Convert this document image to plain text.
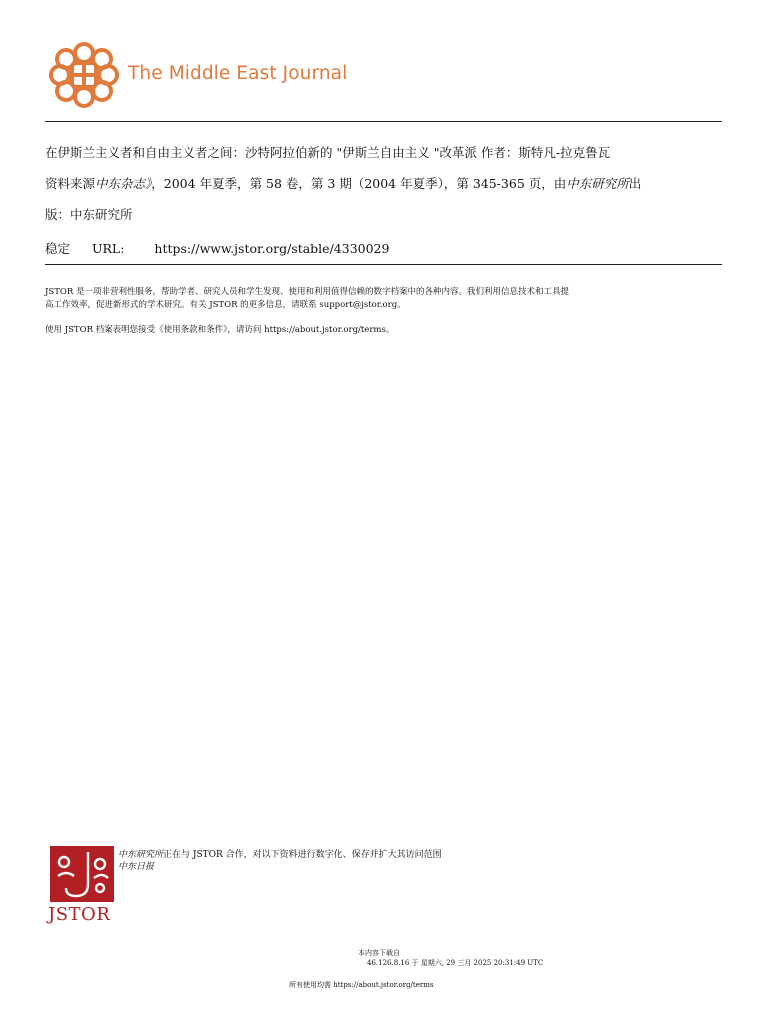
The Middle East Journal
在伊斯兰主义者和自由主义者之间：沙特阿拉伯新的 "伊斯兰自由主义 "改革派 作者：斯特凡-拉克鲁瓦
资料来源中东杂志》，2004 年夏季，第 58 卷，第 3 期（2004 年夏季），第 345-365 页，由中东研究所出
版：中东研究所
稳定 URL: https://www.jstor.org/stable/4330029
JSTOR 是一项非营利性服务，帮助学者、研究人员和学生发现、使用和利用值得信赖的数字档案中的各种内容。我们利用信息技术和工具提
高工作效率，促进新形式的学术研究。有关 JSTOR 的更多信息，请联系 support@jstor.org。
使用 JSTOR 档案表明您接受《使用条款和条件》，请访问 https://about.jstor.org/terms。
JSTOR
中东研究所正在与 JSTOR 合作，对以下资料进行数字化、保存并扩大其访问范围
中东日报
本内容下载自
46.126.8.16 于 星期六, 29 三月 2025 20:31:49 UTC
所有使用均需 https://about.jstor.org/terms
